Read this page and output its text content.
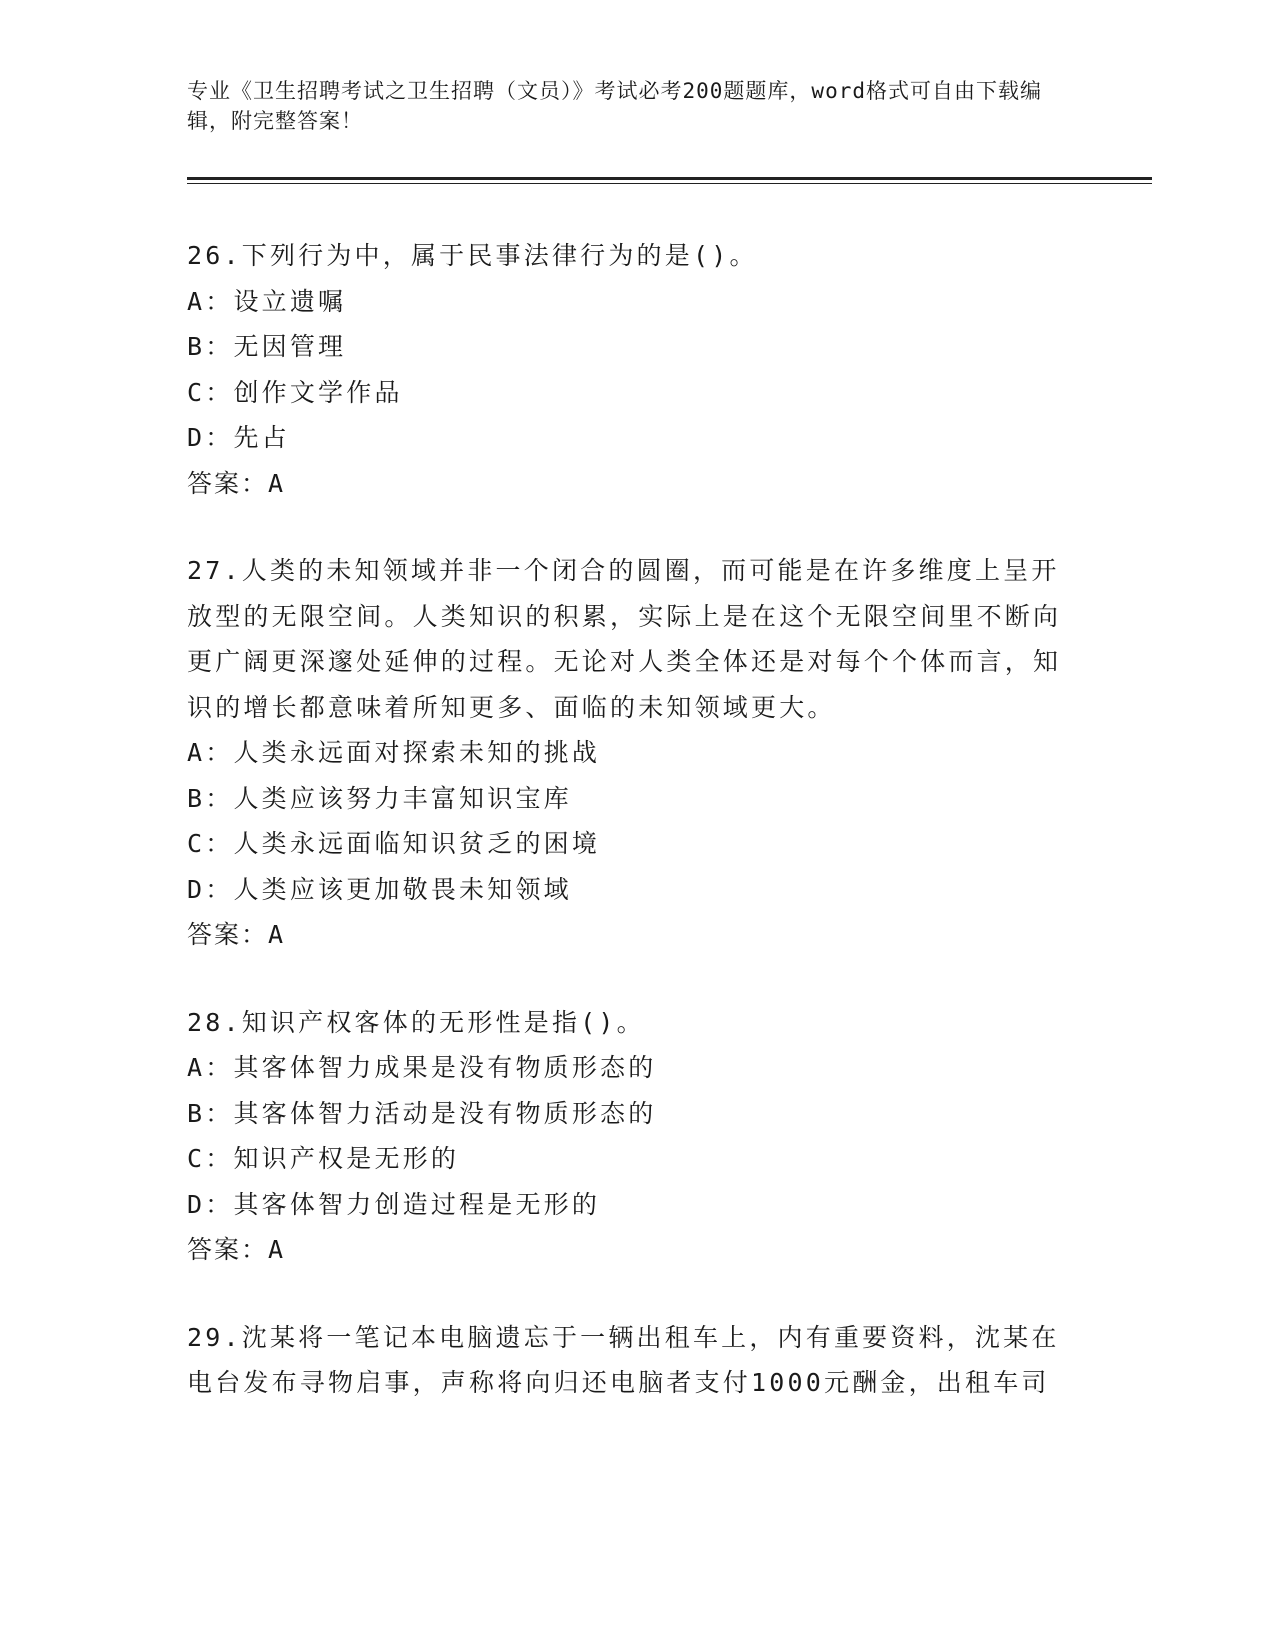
专业《卫生招聘考试之卫生招聘（文员）》考试必考200题题库，word格式可自由下载编辑，附完整答案！

26.下列行为中，属于民事法律行为的是()。

A：设立遗嘱

B：无因管理

C：创作文学作品

D：先占

答案：A

27.人类的未知领域并非一个闭合的圆圈，而可能是在许多维度上呈开放型的无限空间。人类知识的积累，实际上是在这个无限空间里不断向更广阔更深邃处延伸的过程。无论对人类全体还是对每个个体而言，知识的增长都意味着所知更多、面临的未知领域更大。

A：人类永远面对探索未知的挑战

B：人类应该努力丰富知识宝库

C：人类永远面临知识贫乏的困境

D：人类应该更加敬畏未知领域

答案：A

28.知识产权客体的无形性是指()。

A：其客体智力成果是没有物质形态的

B：其客体智力活动是没有物质形态的

C：知识产权是无形的

D：其客体智力创造过程是无形的

答案：A

29.沈某将一笔记本电脑遗忘于一辆出租车上，内有重要资料，沈某在电台发布寻物启事，声称将向归还电脑者支付1000元酬金，出租车司
